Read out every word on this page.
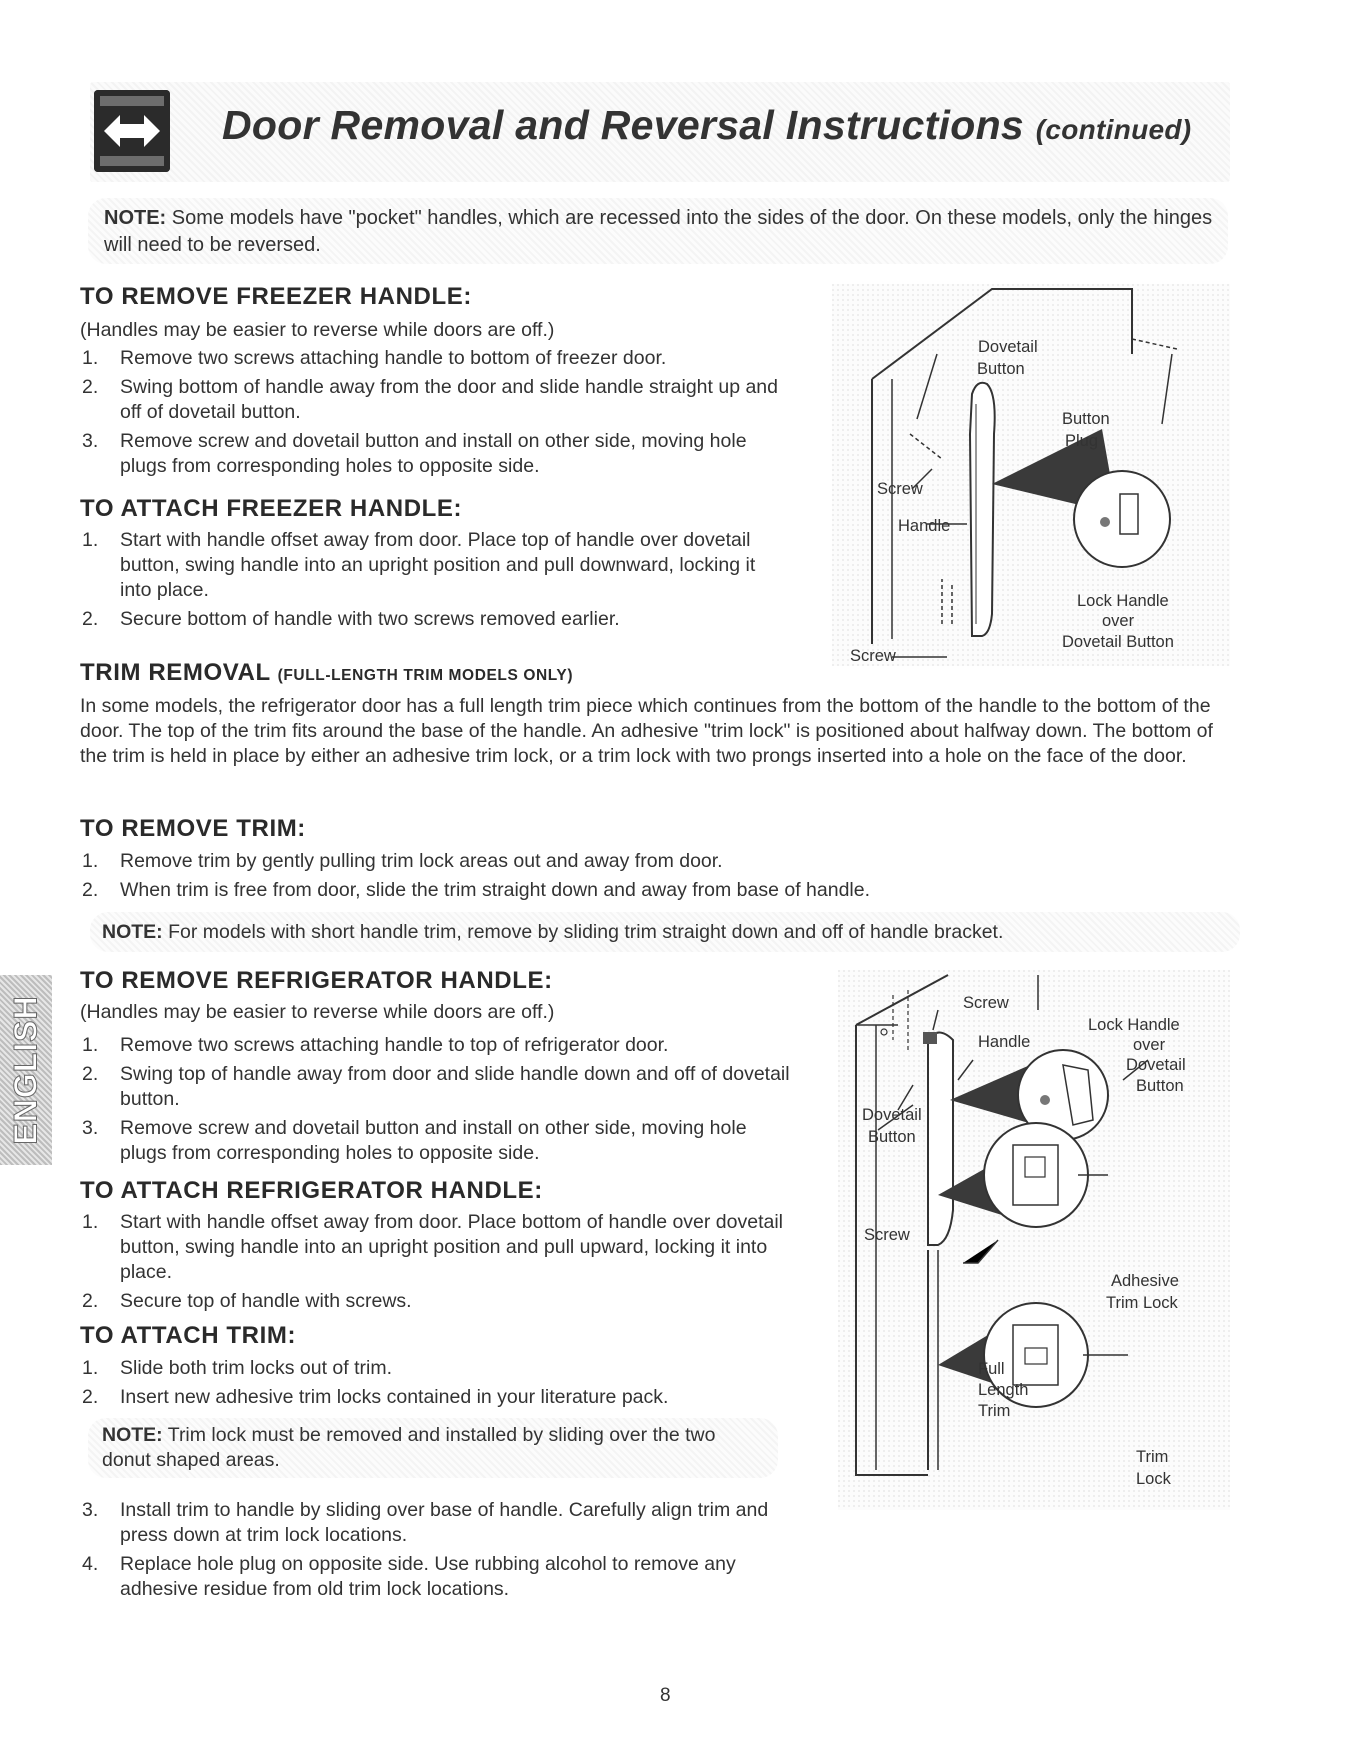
Door Removal and Reversal Instructions (continued)
NOTE: Some models have "pocket" handles, which are recessed into the sides of the door. On these models, only the hinges will need to be reversed.
TO REMOVE FREEZER HANDLE:
(Handles may be easier to reverse while doors are off.)
1. Remove two screws attaching handle to bottom of freezer door.
2. Swing bottom of handle away from the door and slide handle straight up and off of dovetail button.
3. Remove screw and dovetail button and install on other side, moving hole plugs from corresponding holes to opposite side.
TO ATTACH FREEZER HANDLE:
1. Start with handle offset away from door. Place top of handle over dovetail button, swing handle into an upright position and pull downward, locking it into place.
2. Secure bottom of handle with two screws removed earlier.
Dovetail
Button
Button
Plug
Screw
Handle
Lock Handle
over
Dovetail Button
Screw
TRIM REMOVAL (FULL-LENGTH TRIM MODELS ONLY)
In some models, the refrigerator door has a full length trim piece which continues from the bottom of the handle to the bottom of the door. The top of the trim fits around the base of the handle. An adhesive "trim lock" is positioned about halfway down. The bottom of the trim is held in place by either an adhesive trim lock, or a trim lock with two prongs inserted into a hole on the face of the door.
TO REMOVE TRIM:
1. Remove trim by gently pulling trim lock areas out and away from door.
2. When trim is free from door, slide the trim straight down and away from base of handle.
NOTE: For models with short handle trim, remove by sliding trim straight down and off of handle bracket.
ENGLISH
TO REMOVE REFRIGERATOR HANDLE:
(Handles may be easier to reverse while doors are off.)
1. Remove two screws attaching handle to top of refrigerator door.
2. Swing top of handle away from door and slide handle down and off of dovetail button.
3. Remove screw and dovetail button and install on other side, moving hole plugs from corresponding holes to opposite side.
TO ATTACH REFRIGERATOR HANDLE:
1. Start with handle offset away from door. Place bottom of handle over dovetail button, swing handle into an upright position and pull upward, locking it into place.
2. Secure top of handle with screws.
TO ATTACH TRIM:
1. Slide both trim locks out of trim.
2. Insert new adhesive trim locks contained in your literature pack.
NOTE: Trim lock must be removed and installed by sliding over the two donut shaped areas.
3. Install trim to handle by sliding over base of handle. Carefully align trim and press down at trim lock locations.
4. Replace hole plug on opposite side. Use rubbing alcohol to remove any adhesive residue from old trim lock locations.
Screw
Handle
Lock Handle
over
Dovetail
Button
Dovetail
Button
Screw
Adhesive
Trim Lock
Full
Length
Trim
Trim
Lock
8
